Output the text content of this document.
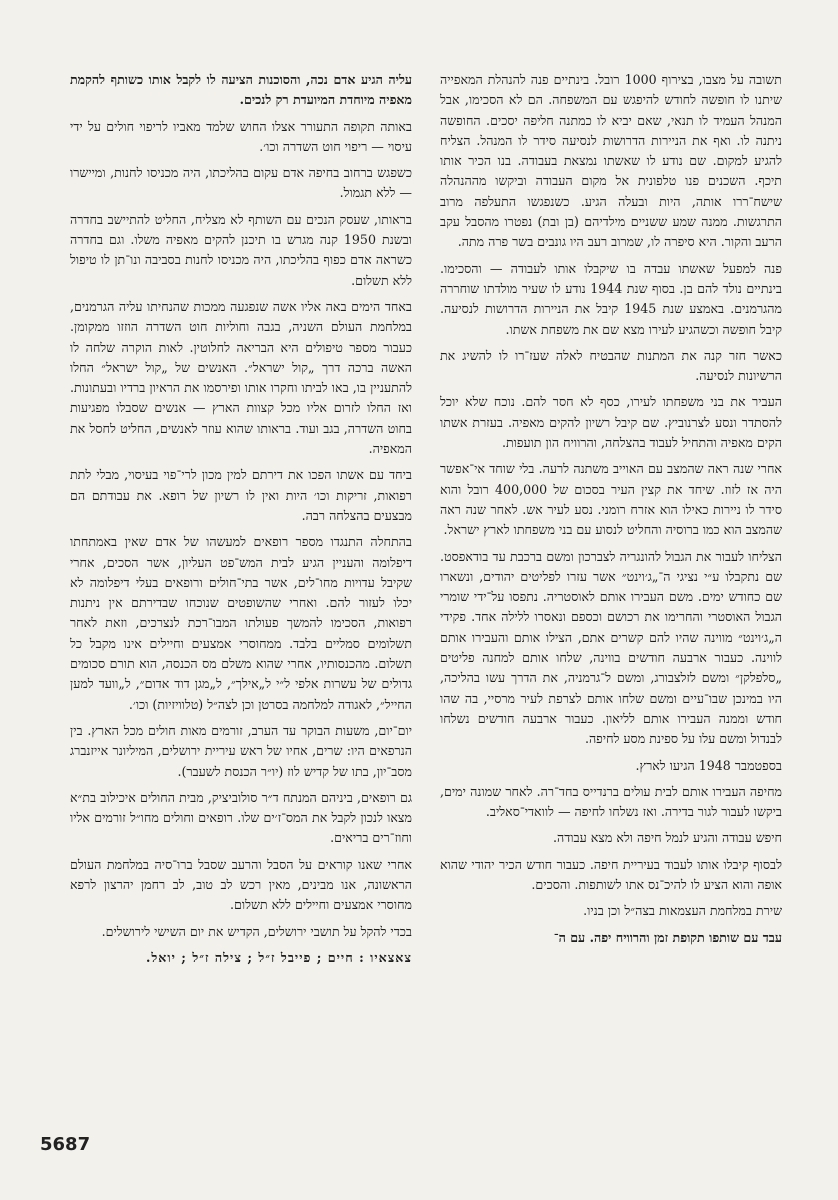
תשובה על מצבו, בצירוף 1000 רובל. בינתיים פנה להנהלת המאפייה שיתנו לו חופשה לחודש להיפגש עם המשפחה. הם לא הסכימו, אבל המנהל העמיד לו תנאי, שאם יביא לו כמתנה חליפה יסכים. החופשה ניתנה לו. ואף את הניירות הדרושות לנסיעה סידר לו המנהל. הצליח להגיע למקום. שם נודע לו שאשתו נמצאת בעבודה. בנו הכיר אותו תיכף. השכנים פנו טלפונית אל מקום העבודה וביקשו מההנהלה שישח־ררו אותה, היות ובעלה הגיע. כשנפגשו התעלפה מרוב התרגשות. ממנה שמע ששניים מילדיהם (בן ובת) נפטרו מהסבל עקב הרעב והקור. היא סיפרה לו, שמרוב רעב היו גונבים בשר פרה מתה.

פנה למפעל שאשתו עבדה בו שיקבלו אותו לעבודה — והסכימו. בינתיים נולד להם בן. בסוף שנת 1944 נודע לו שעיר מולדתו שוחררה מהגרמנים. באמצע שנת 1945 קיבל את הניירות הדרושות לנסיעה. קיבל חופשה וכשהגיע לעירו מצא שם את משפחת אשתו.

כאשר חזר קנה את המתנות שהבטיח לאלה שעז־רו לו להשיג את הרשיונות לנסיעה.

העביר את בני משפחתו לעירו, כסף לא חסר להם. נוכח שלא יוכל להסתדר ונסע לצרנוביץ. שם קיבל רשיון להקים מאפיה. בעזרת אשתו הקים מאפיה והתחיל לעבוד בהצלחה, והרוויח הון תועפות.

אחרי שנה ראה שהמצב עם האוייב משתנה לרעה. בלי שוחד אי־אפשר היה אז לזוז. שיחד את קצין העיר בסכום של 400,000 רובל והוא סידר לו ניירות כאילו הוא אזרח רומני. נסע לעיר אש. לאחר שנה ראה שהמצב הוא כמו ברוסיה והחליט לנסוע עם בני משפחתו לארץ ישראל.

הצליחו לעבור את הגבול להונגריה לצברכון ומשם ברכבת עד בודאפסט. שם נתקבלו ע״י נציגי ה־„ג׳וינט״ אשר עזרו לפליטים יהודים, ונשארו שם כחודש ימים. משם העבירו אותם לאוסטריה. נתפסו על־ידי שומרי הגבול האוסטרי והחרימו את רכושם וכספם ונאסרו ללילה אחד. פקידי ה„ג׳וינט״ מווינה שהיו להם קשרים אתם, הצילו אותם והעבירו אותם לווינה. כעבור ארבעה חודשים בווינה, שלחו אותם למחנה פליטים „סלפלקן״ ומשם לזלצבורג, ומשם ל־גרמניה, את הדרך עשו בהליכה, היו במינכן שבו־עיים ומשם שלחו אותם לצרפת לעיר מרסיי, בה שהו חודש וממנה העבירו אותם לליאון. כעבור ארבעה חודשים נשלחו לבנדול ומשם עלו על ספינת מסע לחיפה.

בספטמבר 1948 הגיעו לארץ.

מחיפה העבירו אותם לבית עולים ברנדייס בחד־רה. לאחר שמונה ימים, ביקשו לעבור לגור בדירה. ואז נשלחו לחיפה — לוואדי־סאליב.

חיפש עבודה והגיע לנמל חיפה ולא מצא עבודה.

לבסוף קיבלו אותו לעבוד בעיריית חיפה. כעבור חודש הכיר יהודי שהוא אופה והוא הציע לו להיכ־נס אתו לשותפות. והסכים.

שירת במלחמת העצמאות בצה״ל וכן בניו.

עבד עם שותפו תקופת זמן והרוויח יפה. עם ה־

עליה הגיע אדם נכה, והסוכנות הציעה לו לקבל אותו כשותף להקמת מאפיה מיוחדת המיועדת רק לנכים.

באותה תקופה התעורר אצלו החוש שלמד מאביו לריפוי חולים על ידי עיסוי — ריפוי חוט השדרה וכו׳.

כשפגש ברחוב בחיפה אדם עקום בהליכתו, היה מכניסו לחנות, ומיישרו — ללא תגמול.

בראותו, שעסק הנכים עם השותף לא מצליח, החליט להתיישב בחדרה ובשנת 1950 קנה מגרש בו תיכנן להקים מאפיה משלו. וגם בחדרה כשראה אדם כפוף בהליכתו, היה מכניסו לחנות בסביבה ונו־תן לו טיפול ללא תשלום.

באחד הימים באה אליו אשה שנפגעה ממכות שהנחיתו עליה הגרמנים, במלחמת העולם השניה, בגבה וחוליות חוט השדרה הוזזו ממקומן. כעבור מספר טיפולים היא הבריאה לחלוטין. לאות הוקרה שלחה לו האשה ברכה דרך „קול ישראל״. האנשים של „קול ישראל״ החלו להתעניין בו, באו לביתו וחקרו אותו ופירסמו את הראיון ברדיו ובעתונות. ואז החלו לזרום אליו מכל קצוות הארץ — אנשים שסבלו מפגיעות בחוט השדרה, בגב ועוד. בראותו שהוא עוזר לאנשים, החליט לחסל את המאפיה.

ביחד עם אשתו הפכו את דירתם למין מכון לרי־פוי בעיסוי, מבלי לתת רפואות, זריקות וכו׳ היות ואין לו רשיון של רופא. את עבודתם הם מבצעים בהצלחה רבה.

בהתחלה התנגדו מספר רופאים למעשהו של אדם שאין באמתחתו דיפלומה והעניין הגיע לבית המש־פט העליון, אשר הסכים, אחרי שקיבל עדויות מחו־לים, אשר בתי־חולים ורופאים בעלי דיפלומה לא יכלו לעזור להם. ואחרי שהשופטים שנוכחו שבדירתם אין ניתנות רפואות, הסכימו להמשך פעולתו המבו־רכת לנצרכים, וזאת לאחר תשלומים סמליים בלבד. ממחוסרי אמצעים וחיילים אינו מקבל כל תשלום. מהכנסותיו, אחרי שהוא משלם מס הכנסה, הוא תורם סכומים גדולים של עשרות אלפי ל״י ל„אילך״, ל„מגן דוד אדום״, ל„וועד למען החייל״, לאגודה למלחמה בסרטן וכן לצה״ל (טלוויזיות) וכו׳.

יום־יום, משעות הבוקר עד הערב, זורמים מאות חולים מכל הארץ. בין הנרפאים היו: שרים, אחיו של ראש עיריית ירושלים, המיליונר אייזנברג מסב־יון, בתו של קדיש לוז (יו״ר הכנסת לשעבר).

גם רופאים, ביניהם המנתח ד״ר סולוביציק, מבית החולים איכילוב בת״א מצאו לנכון לקבל את המס־ז׳ים שלו. רופאים וחולים מחו״ל זורמים אליו וחוז־רים בריאים.

אחרי שאנו קוראים על הסבל והרעב שסבל ברו־סיה במלחמת העולם הראשונה, אנו מבינים, מאין רכש לב טוב, לב רחמן יהרצון לרפא מחוסרי אמצעים וחיילים ללא תשלום.

בכדי להקל על תושבי ירושלים, הקדיש את יום השישי לירושלים.

צאצאיו : חיים ; פייבל ז״ל ; צילה ז״ל ; יואל.

5687
